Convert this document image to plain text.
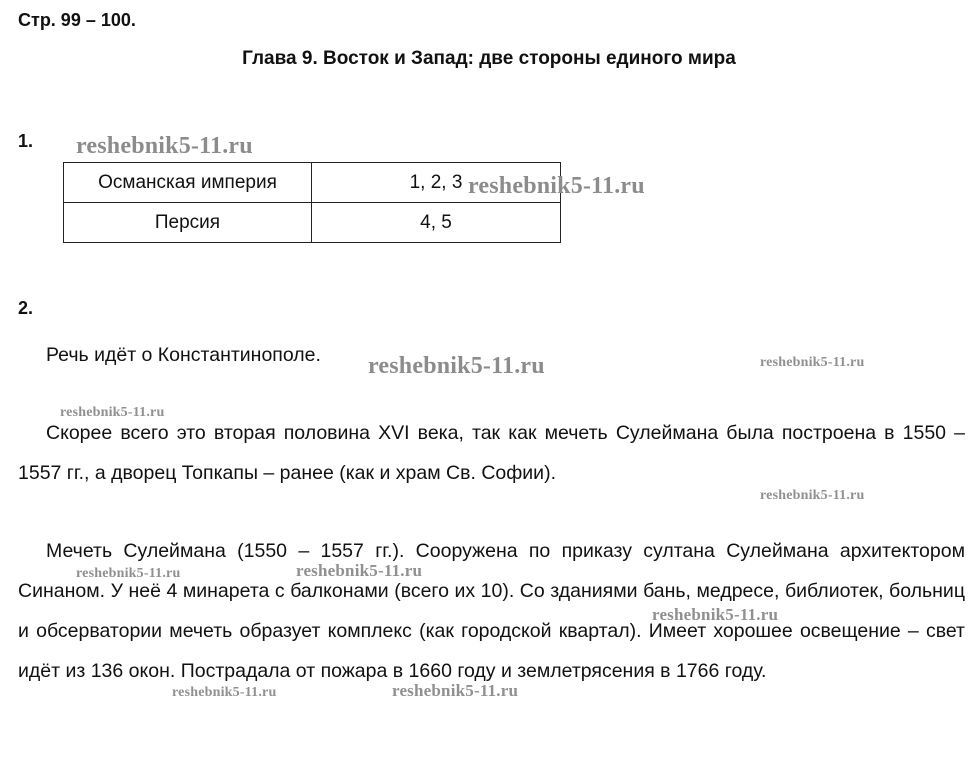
Стр. 99 – 100.
Глава 9. Восток и Запад: две стороны единого мира
1.
Османская империя	1, 2, 3
Персия	4, 5
2.
Речь идёт о Константинополе.
Скорее всего это вторая половина XVI века, так как мечеть Сулеймана была построена в 1550 – 1557 гг., а дворец Топкапы – ранее (как и храм Св. Софии).
Мечеть Сулеймана (1550 – 1557 гг.). Сооружена по приказу султана Сулеймана архитектором Синаном. У неё 4 минарета с балконами (всего их 10). Со зданиями бань, медресе, библиотек, больниц и обсерватории мечеть образует комплекс (как городской квартал). Имеет хорошее освещение – свет идёт из 136 окон. Пострадала от пожара в 1660 году и землетрясения в 1766 году.
reshebnik5-11.ru
reshebnik5-11.ru
reshebnik5-11.ru	reshebnik5-11.ru
reshebnik5-11.ru
reshebnik5-11.ru
reshebnik5-11.ru	reshebnik5-11.ru
reshebnik5-11.ru
reshebnik5-11.ru	reshebnik5-11.ru
